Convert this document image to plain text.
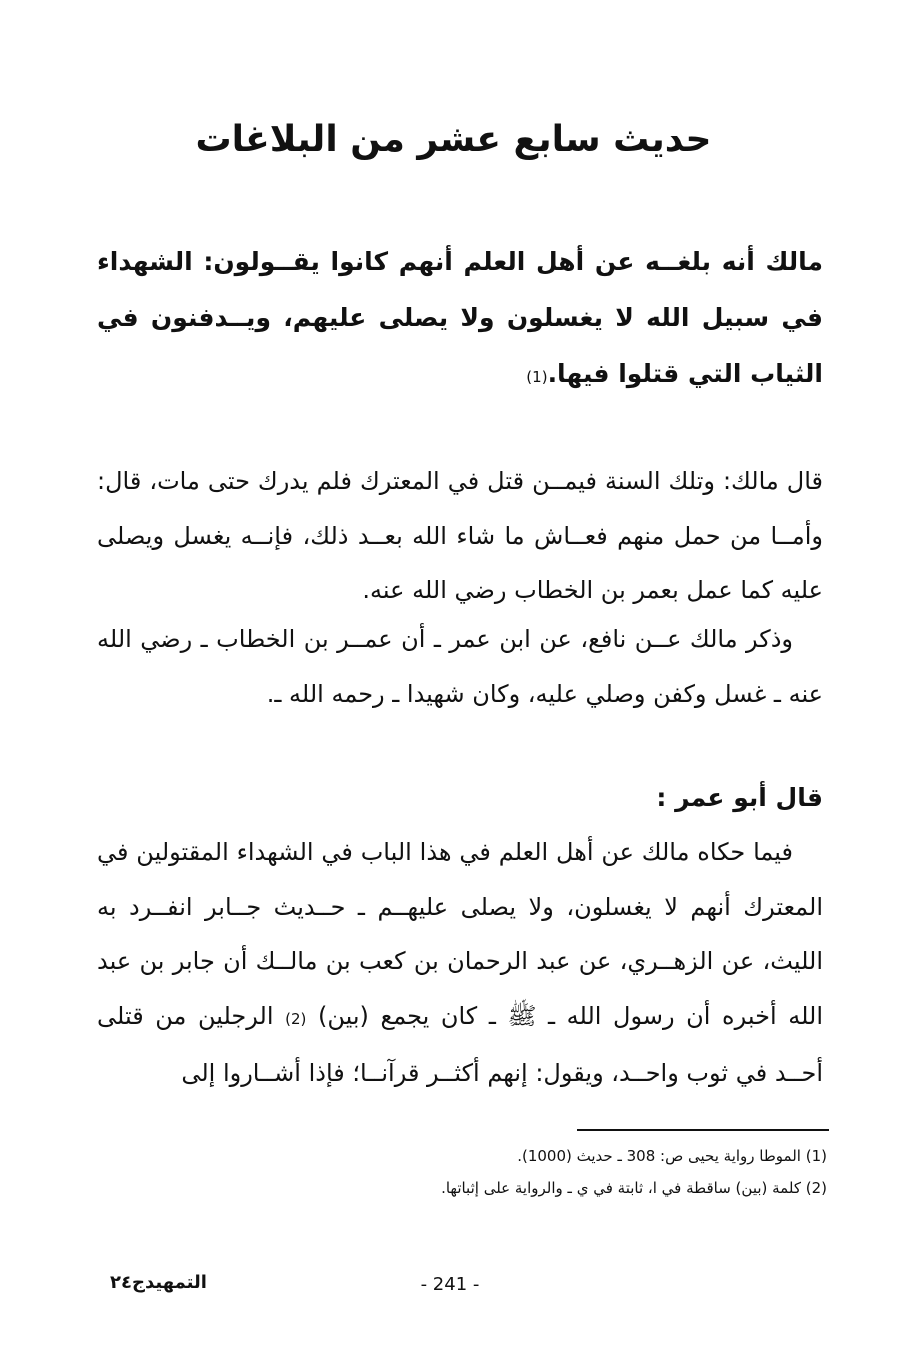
حديث سابع عشر من البلاغات
مالك أنه بلغــه عن أهل العلم أنهم كانوا يقــولون: الشهداء في سبيل الله لا يغسلون ولا يصلى عليهم، ويــدفنون في الثياب التي قتلوا فيها.(1)
قال مالك: وتلك السنة فيمــن قتل في المعترك فلم يدرك حتى مات، قال: وأمــا من حمل منهم فعــاش ما شاء الله بعــد ذلك، فإنــه يغسل ويصلى عليه كما عمل بعمر بن الخطاب رضي الله عنه.
وذكر مالك عــن نافع، عن ابن عمر ـ أن عمــر بن الخطاب ـ رضي الله عنه ـ غسل وكفن وصلي عليه، وكان شهيدا ـ رحمه الله ـ.
قال أبو عمر :
فيما حكاه مالك عن أهل العلم في هذا الباب في الشهداء المقتولين في المعترك أنهم لا يغسلون، ولا يصلى عليهــم ـ حــديث جــابر انفــرد به الليث، عن الزهــري، عن عبد الرحمان بن كعب بن مالــك أن جابر بن عبد الله أخبره أن رسول الله ـ ﷺ ـ كان يجمع (بين) (2) الرجلين من قتلى أحــد في ثوب واحــد، ويقول: إنهم أكثــر قرآنــا؛ فإذا أشــاروا إلى
(1) الموطا رواية يحيى ص: 308 ـ حديث (1000).
(2) كلمة (بين) ساقطة في ا، ثابتة في ي ـ والرواية على إثباتها.
- 241 -
التمهيدج٢٤
